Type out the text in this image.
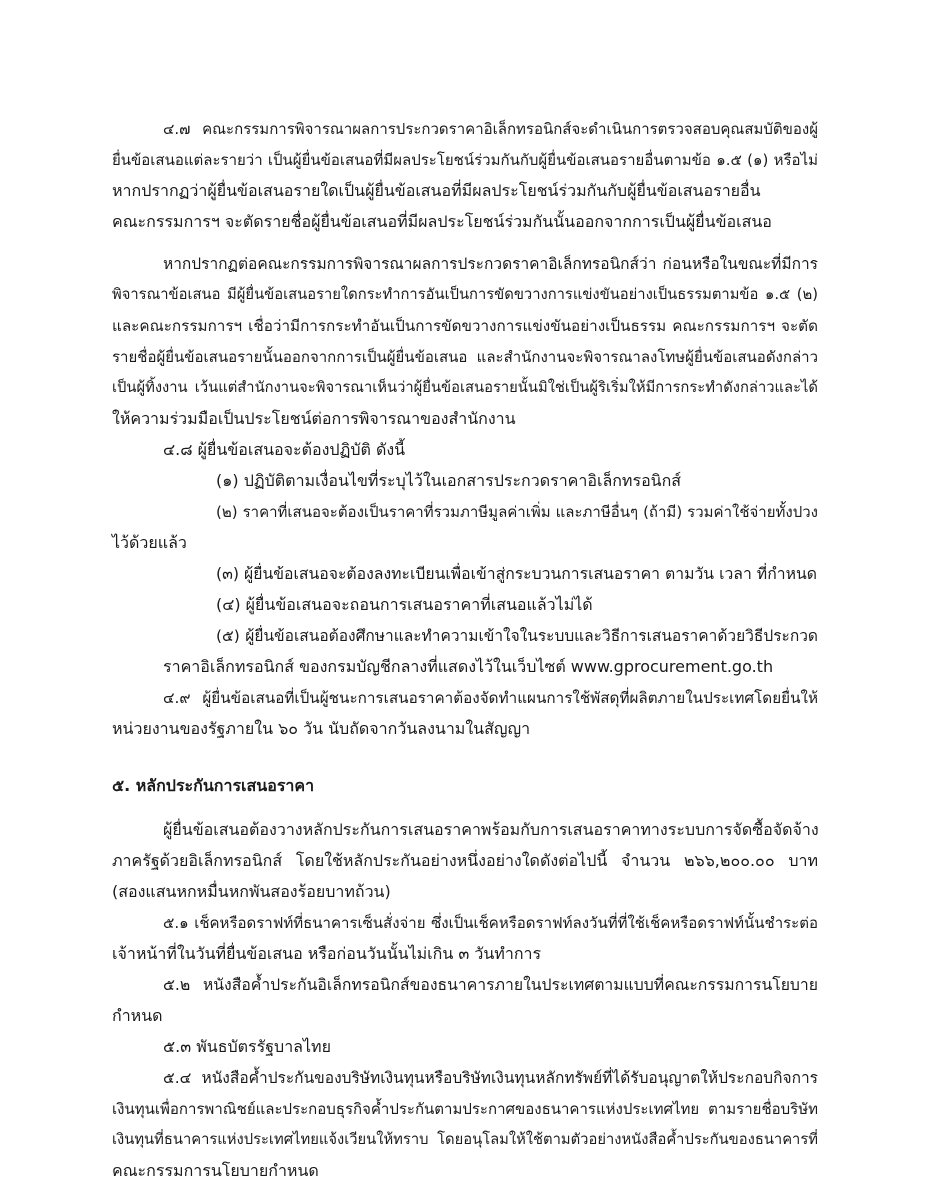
๔.๗ คณะกรรมการพิจารณาผลการประกวดราคาอิเล็กทรอนิกส์จะดำเนินการตรวจสอบคุณสมบัติของผู้
ยื่นข้อเสนอแต่ละรายว่า เป็นผู้ยื่นข้อเสนอที่มีผลประโยชน์ร่วมกันกับผู้ยื่นข้อเสนอรายอื่นตามข้อ ๑.๕ (๑) หรือไม่
หากปรากฏว่าผู้ยื่นข้อเสนอรายใดเป็นผู้ยื่นข้อเสนอที่มีผลประโยชน์ร่วมกันกับผู้ยื่นข้อเสนอรายอื่น
คณะกรรมการฯ จะตัดรายชื่อผู้ยื่นข้อเสนอที่มีผลประโยชน์ร่วมกันนั้นออกจากการเป็นผู้ยื่นข้อเสนอ
หากปรากฏต่อคณะกรรมการพิจารณาผลการประกวดราคาอิเล็กทรอนิกส์ว่า ก่อนหรือในขณะที่มีการ
พิจารณาข้อเสนอ มีผู้ยื่นข้อเสนอรายใดกระทำการอันเป็นการขัดขวางการแข่งขันอย่างเป็นธรรมตามข้อ ๑.๕ (๒)
และคณะกรรมการฯ เชื่อว่ามีการกระทำอันเป็นการขัดขวางการแข่งขันอย่างเป็นธรรม คณะกรรมการฯ จะตัด
รายชื่อผู้ยื่นข้อเสนอรายนั้นออกจากการเป็นผู้ยื่นข้อเสนอ และสำนักงานจะพิจารณาลงโทษผู้ยื่นข้อเสนอดังกล่าว
เป็นผู้ทิ้งงาน เว้นแต่สำนักงานจะพิจารณาเห็นว่าผู้ยื่นข้อเสนอรายนั้นมิใช่เป็นผู้ริเริ่มให้มีการกระทำดังกล่าวและได้
ให้ความร่วมมือเป็นประโยชน์ต่อการพิจารณาของสำนักงาน
๔.๘ ผู้ยื่นข้อเสนอจะต้องปฏิบัติ ดังนี้
(๑) ปฏิบัติตามเงื่อนไขที่ระบุไว้ในเอกสารประกวดราคาอิเล็กทรอนิกส์
(๒) ราคาที่เสนอจะต้องเป็นราคาที่รวมภาษีมูลค่าเพิ่ม และภาษีอื่นๆ (ถ้ามี) รวมค่าใช้จ่ายทั้งปวง
ไว้ด้วยแล้ว
(๓) ผู้ยื่นข้อเสนอจะต้องลงทะเบียนเพื่อเข้าสู่กระบวนการเสนอราคา ตามวัน เวลา ที่กำหนด
(๔) ผู้ยื่นข้อเสนอจะถอนการเสนอราคาที่เสนอแล้วไม่ได้
(๕) ผู้ยื่นข้อเสนอต้องศึกษาและทำความเข้าใจในระบบและวิธีการเสนอราคาด้วยวิธีประกวด
ราคาอิเล็กทรอนิกส์ ของกรมบัญชีกลางที่แสดงไว้ในเว็บไซต์ www.gprocurement.go.th
๔.๙ ผู้ยื่นข้อเสนอที่เป็นผู้ชนะการเสนอราคาต้องจัดทำแผนการใช้พัสดุที่ผลิตภายในประเทศโดยยื่นให้
หน่วยงานของรัฐภายใน ๖๐ วัน นับถัดจากวันลงนามในสัญญา
๕. หลักประกันการเสนอราคา
ผู้ยื่นข้อเสนอต้องวางหลักประกันการเสนอราคาพร้อมกับการเสนอราคาทางระบบการจัดซื้อจัดจ้าง
ภาครัฐด้วยอิเล็กทรอนิกส์ โดยใช้หลักประกันอย่างหนึ่งอย่างใดดังต่อไปนี้ จำนวน ๒๖๖,๒๐๐.๐๐ บาท
(สองแสนหกหมื่นหกพันสองร้อยบาทถ้วน)
๕.๑ เช็คหรือดราฟท์ที่ธนาคารเซ็นสั่งจ่าย ซึ่งเป็นเช็คหรือดราฟท์ลงวันที่ที่ใช้เช็คหรือดราฟท์นั้นชำระต่อ
เจ้าหน้าที่ในวันที่ยื่นข้อเสนอ หรือก่อนวันนั้นไม่เกิน ๓ วันทำการ
๕.๒ หนังสือค้ำประกันอิเล็กทรอนิกส์ของธนาคารภายในประเทศตามแบบที่คณะกรรมการนโยบาย
กำหนด
๕.๓ พันธบัตรรัฐบาลไทย
๕.๔ หนังสือค้ำประกันของบริษัทเงินทุนหรือบริษัทเงินทุนหลักทรัพย์ที่ได้รับอนุญาตให้ประกอบกิจการ
เงินทุนเพื่อการพาณิชย์และประกอบธุรกิจค้ำประกันตามประกาศของธนาคารแห่งประเทศไทย ตามรายชื่อบริษัท
เงินทุนที่ธนาคารแห่งประเทศไทยแจ้งเวียนให้ทราบ โดยอนุโลมให้ใช้ตามตัวอย่างหนังสือค้ำประกันของธนาคารที่
คณะกรรมการนโยบายกำหนด
